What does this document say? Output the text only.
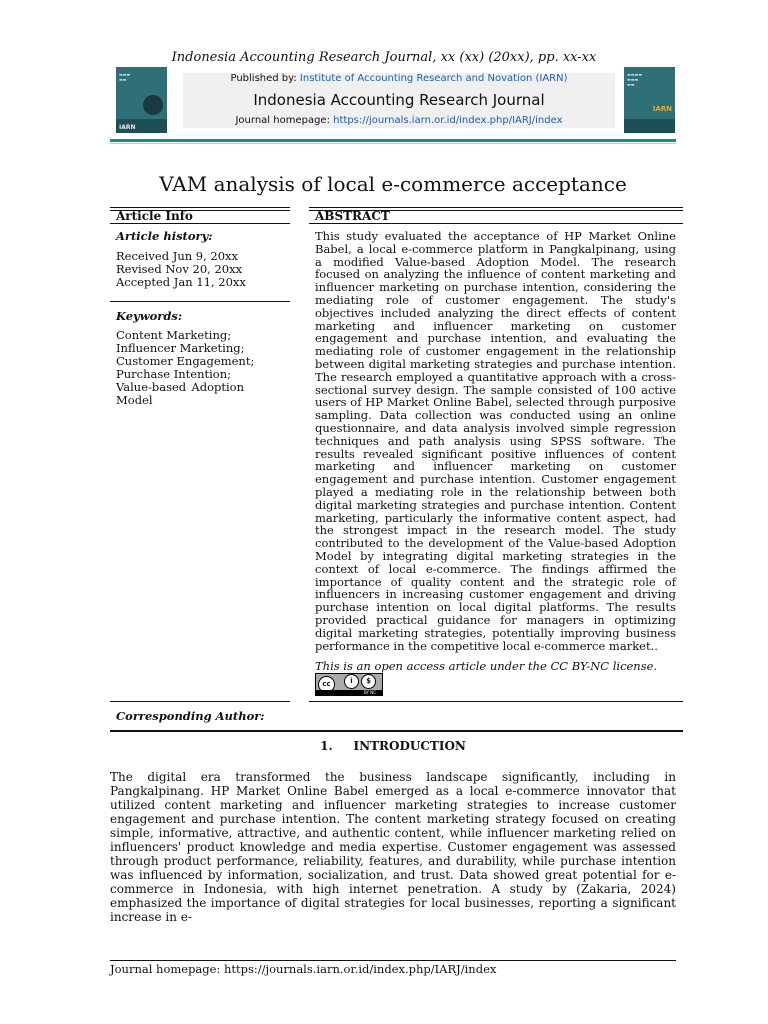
Indonesia Accounting Research Journal, xx (xx) (20xx), pp. xx-xx
▬▬▬
▬▬
IARN
Published by: Institute of Accounting Research and Novation (IARN)
Indonesia Accounting Research Journal
Journal homepage: https://journals.iarn.or.id/index.php/IARJ/index
▬▬▬▬
▬▬▬
▬▬
IARN
VAM analysis of local e-commerce acceptance
Article Info
Article history:
Received Jun 9, 20xx
Revised Nov 20, 20xx
Accepted Jan 11, 20xx
Keywords:
Content Marketing;
Influencer Marketing;
Customer Engagement;
Purchase Intention;
Value-based Adoption Model
ABSTRACT

This study evaluated the acceptance of HP Market Online Babel, a local e-commerce platform in Pangkalpinang, using a modified Value-based Adoption Model. The research focused on analyzing the influence of content marketing and influencer marketing on purchase intention, considering the mediating role of customer engagement. The study's objectives included analyzing the direct effects of content marketing and influencer marketing on customer engagement and purchase intention, and evaluating the mediating role of customer engagement in the relationship between digital marketing strategies and purchase intention. The research employed a quantitative approach with a cross-sectional survey design. The sample consisted of 100 active users of HP Market Online Babel, selected through purposive sampling. Data collection was conducted using an online questionnaire, and data analysis involved simple regression techniques and path analysis using SPSS software. The results revealed significant positive influences of content marketing and influencer marketing on customer engagement and purchase intention. Customer engagement played a mediating role in the relationship between both digital marketing strategies and purchase intention. Content marketing, particularly the informative content aspect, had the strongest impact in the research model. The study contributed to the development of the Value-based Adoption Model by integrating digital marketing strategies in the context of local e-commerce. The findings affirmed the importance of quality content and the strategic role of influencers in increasing customer engagement and driving purchase intention on local digital platforms. The results provided practical guidance for managers in optimizing digital marketing strategies, potentially improving business performance in the competitive local e-commerce market..

This is an open access article under the CC BY-NC license.
cc	i	$
BY NC
Corresponding Author:
1. INTRODUCTION

The digital era transformed the business landscape significantly, including in Pangkalpinang. HP Market Online Babel emerged as a local e-commerce innovator that utilized content marketing and influencer marketing strategies to increase customer engagement and purchase intention. The content marketing strategy focused on creating simple, informative, attractive, and authentic content, while influencer marketing relied on influencers' product knowledge and media expertise. Customer engagement was assessed through product performance, reliability, features, and durability, while purchase intention was influenced by information, socialization, and trust. Data showed great potential for e-commerce in Indonesia, with high internet penetration. A study by (Zakaria, 2024) emphasized the importance of digital strategies for local businesses, reporting a significant increase in e-

Journal homepage: https://journals.iarn.or.id/index.php/IARJ/index
